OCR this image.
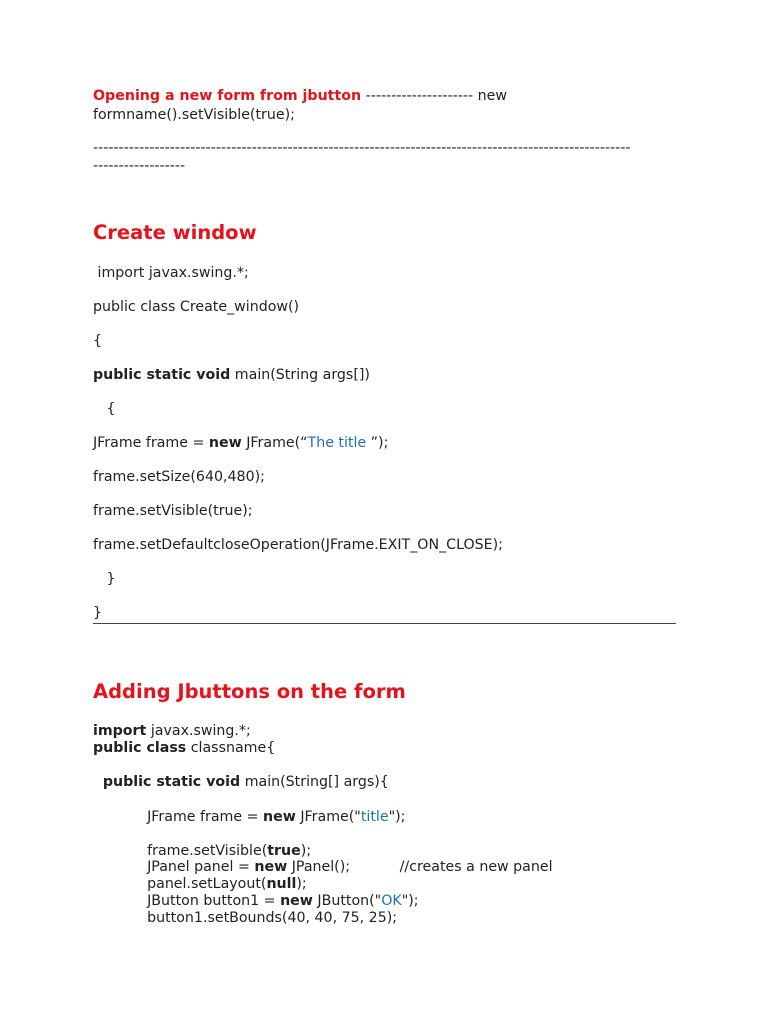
Opening a new form from jbutton --------------------- new
formname().setVisible(true);
---------------------------------------------------------------------------------------------------------
------------------
Create window
import javax.swing.*;
public class Create_window()
{
public static void main(String args[])
{
JFrame frame = new JFrame(“The title ”);
frame.setSize(640,480);
frame.setVisible(true);
frame.setDefaultcloseOperation(JFrame.EXIT_ON_CLOSE);
}
}
Adding Jbuttons on the form
import javax.swing.*;
public class classname{
public static void main(String[] args){
JFrame frame = new JFrame("title");
frame.setVisible(true);
JPanel panel = new JPanel();           //creates a new panel
panel.setLayout(null);
JButton button1 = new JButton("OK");
button1.setBounds(40, 40, 75, 25);
